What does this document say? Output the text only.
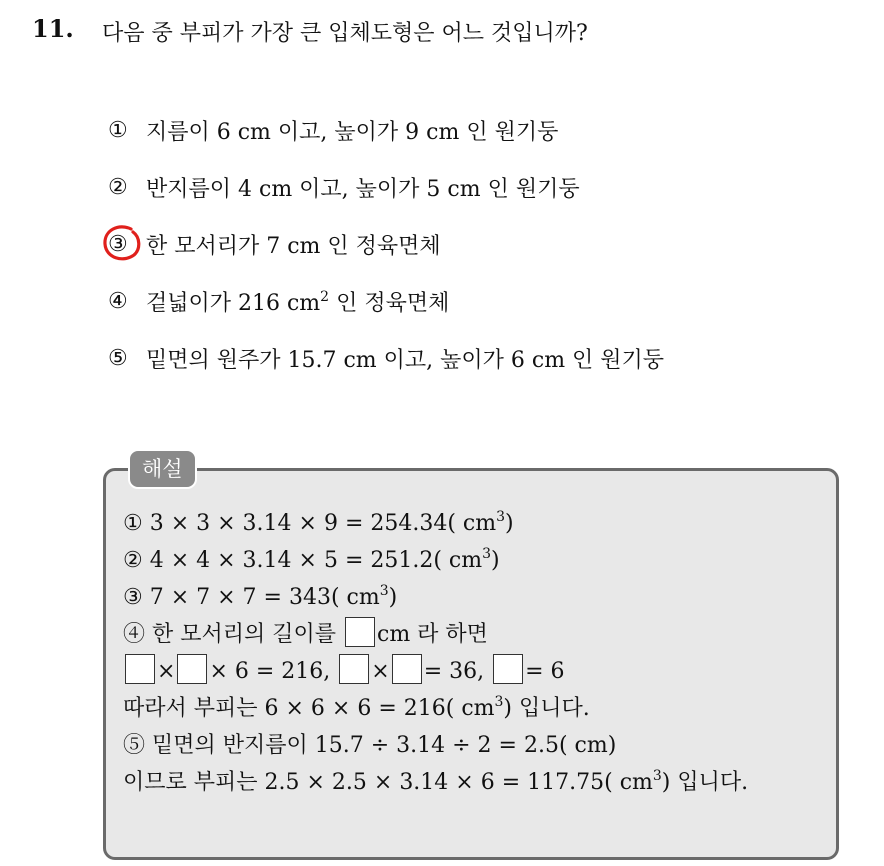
11. 다음 중 부피가 가장 큰 입체도형은 어느 것입니까?
① 지름이 6 cm 이고, 높이가 9 cm 인 원기둥
② 반지름이 4 cm 이고, 높이가 5 cm 인 원기둥
③ 한 모서리가 7 cm 인 정육면체
④ 겉넓이가 216 $cm^2$ 인 정육면체
⑤ 밑면의 원주가 15.7 cm 이고, 높이가 6 cm 인 원기둥
해설
① 3 × 3 × 3.14 × 9 = 254.34( $cm^3$)
② 4 × 4 × 3.14 × 5 = 251.2( $cm^3$)
③ 7 × 7 × 7 = 343( $cm^3$)
④ 한 모서리의 길이를 cm 라 하면
× × 6 = 216, × = 36, = 6
따라서 부피는 6 × 6 × 6 = 216( $cm^3$) 입니다.
⑤ 밑면의 반지름이 15.7 ÷ 3.14 ÷ 2 = 2.5( cm)
이므로 부피는 2.5 × 2.5 × 3.14 × 6 = 117.75( $cm^3$) 입니다.
